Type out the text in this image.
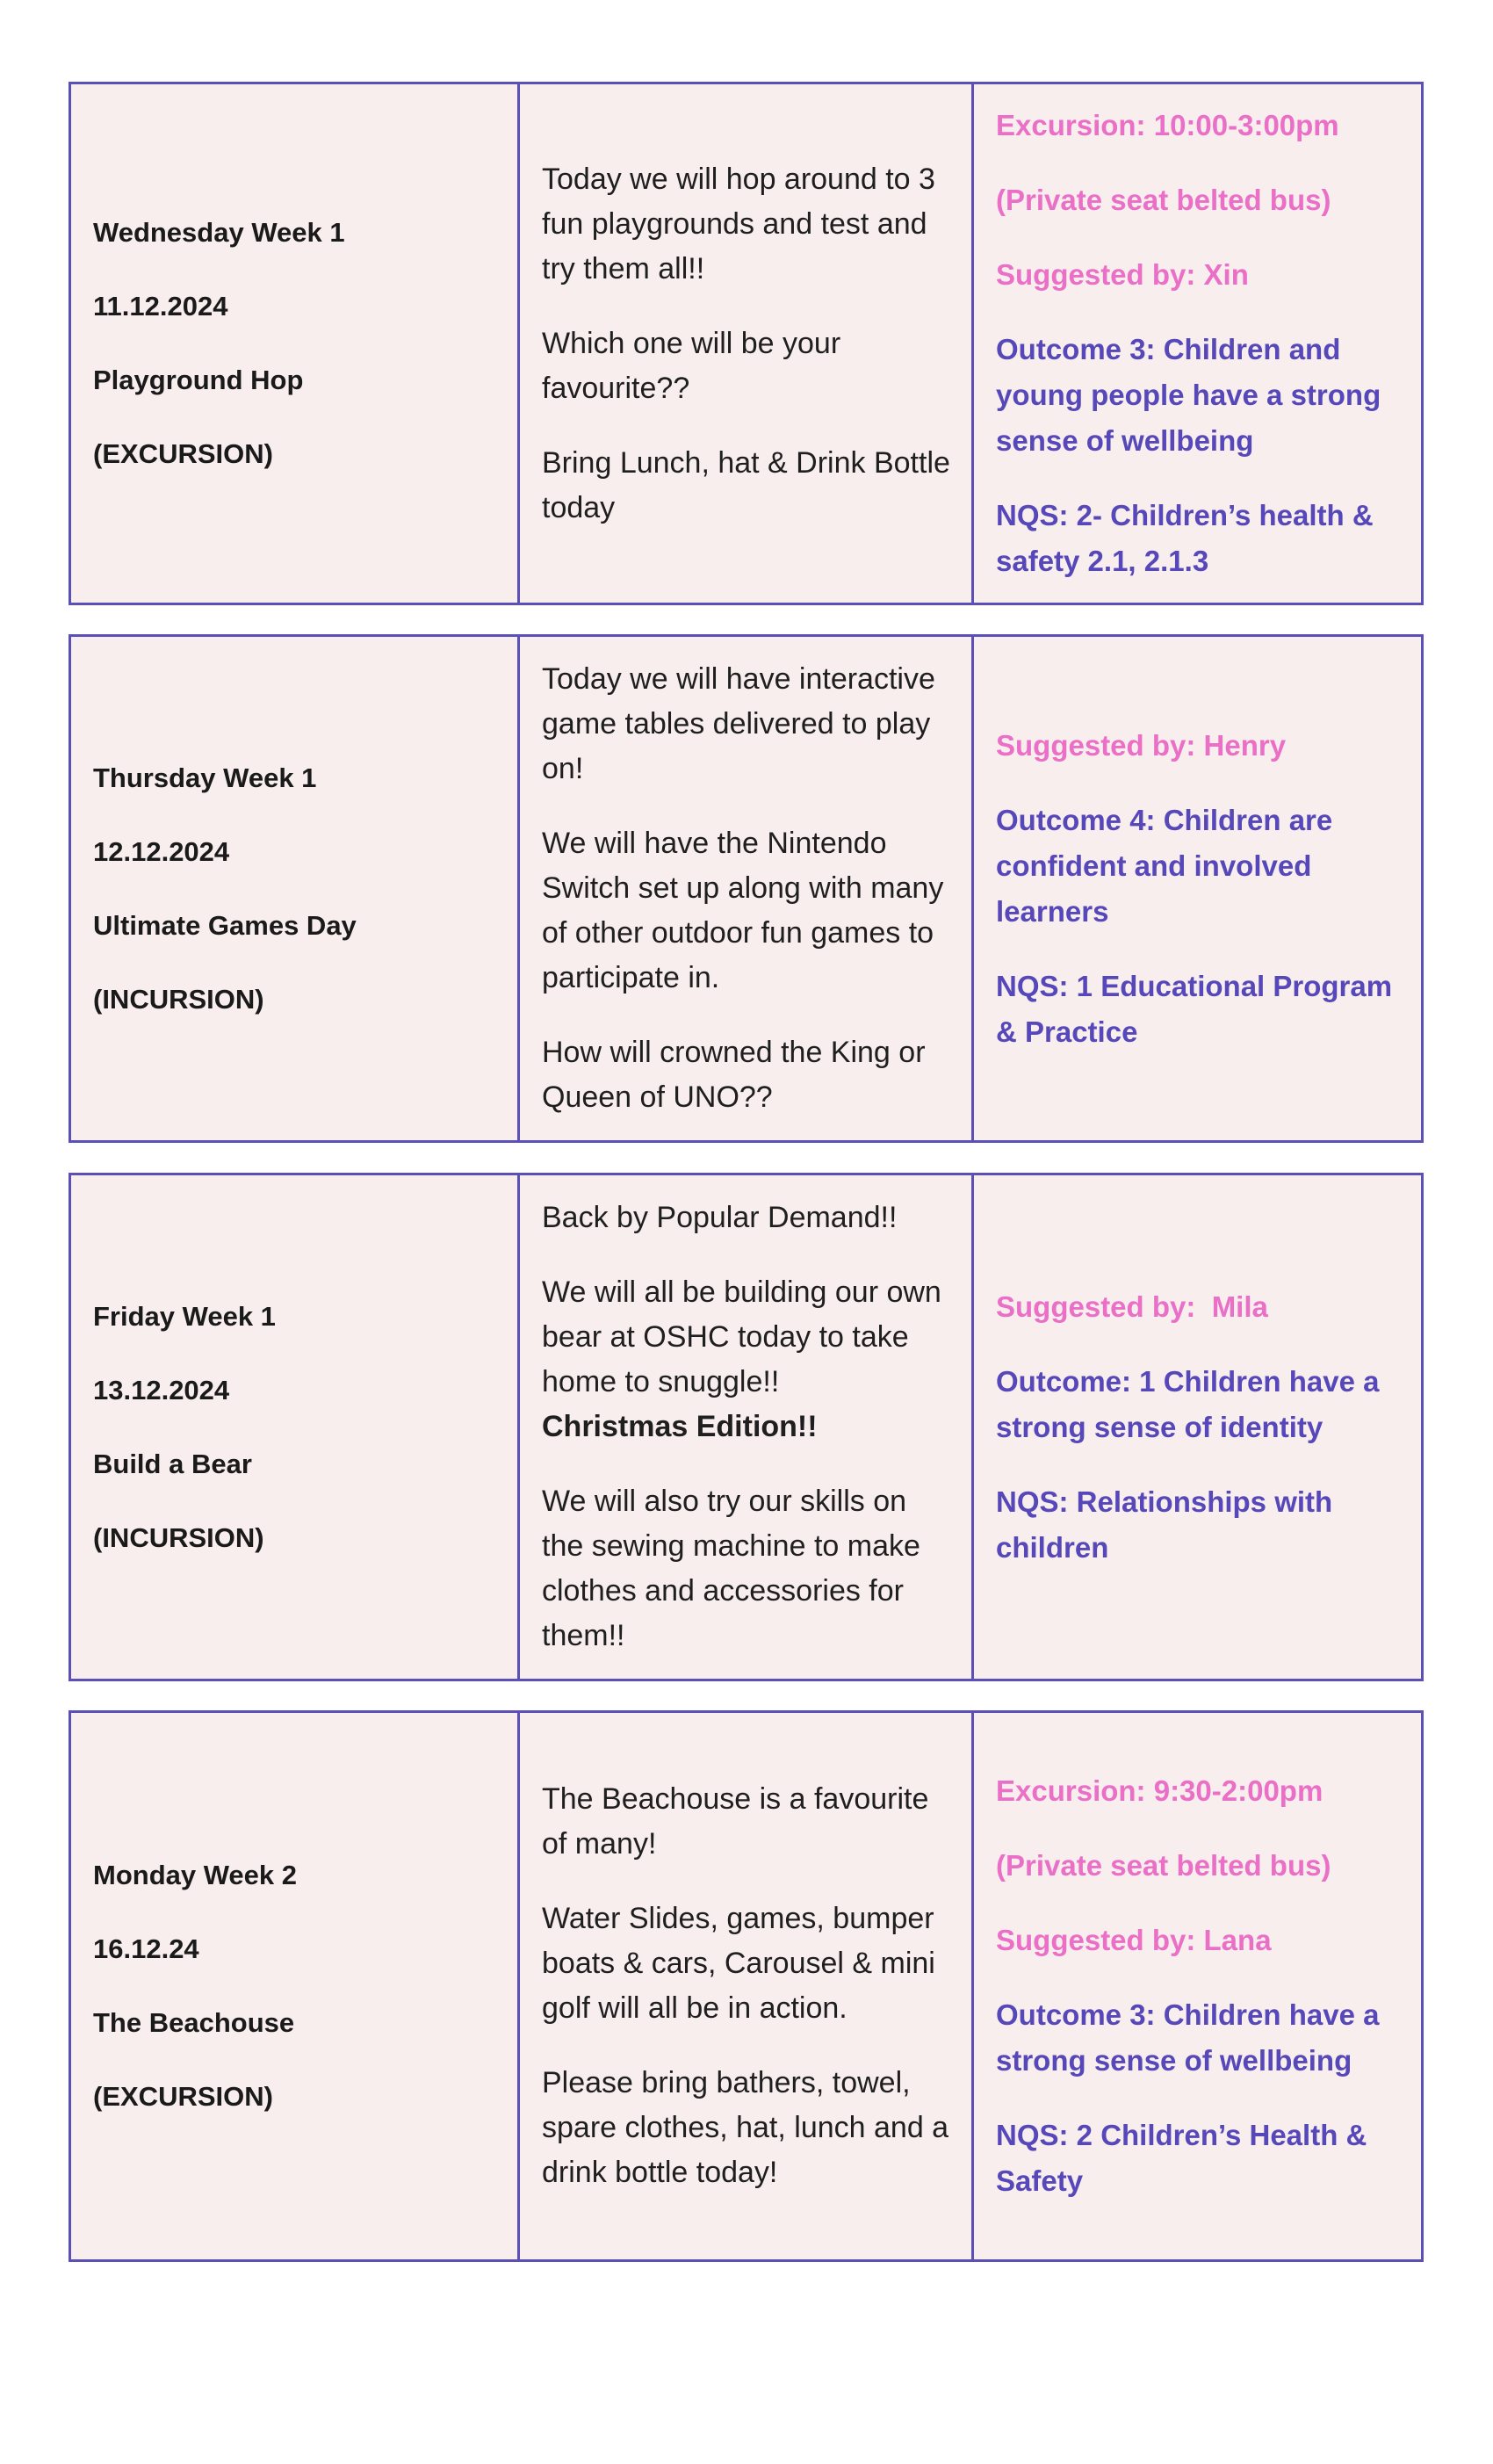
Wednesday Week 1

11.12.2024

Playground Hop

(EXCURSION)

Today we will hop around to 3 fun playgrounds and test and try them all!!

Which one will be your favourite??

Bring Lunch, hat & Drink Bottle today

Excursion: 10:00-3:00pm

(Private seat belted bus)

Suggested by: Xin

Outcome 3: Children and young people have a strong sense of wellbeing

NQS: 2- Children’s health & safety 2.1, 2.1.3

Thursday Week 1

12.12.2024

Ultimate Games Day

(INCURSION)

Today we will have interactive game tables delivered to play on!

We will have the Nintendo Switch set up along with many of other outdoor fun games to participate in.

How will crowned the King or Queen of UNO??

Suggested by: Henry

Outcome 4: Children are confident and involved learners

NQS: 1 Educational Program & Practice

Friday Week 1

13.12.2024

Build a Bear

(INCURSION)

Back by Popular Demand!!

We will all be building our own bear at OSHC today to take home to snuggle!!
Christmas Edition!!

We will also try our skills on the sewing machine to make clothes and accessories for them!!

Suggested by:  Mila

Outcome: 1 Children have a strong sense of identity

NQS: Relationships with children

Monday Week 2

16.12.24

The Beachouse

(EXCURSION)

The Beachouse is a favourite of many!

Water Slides, games, bumper boats & cars, Carousel & mini golf will all be in action.

Please bring bathers, towel, spare clothes, hat, lunch and a drink bottle today!

Excursion: 9:30-2:00pm

(Private seat belted bus)

Suggested by: Lana

Outcome 3: Children have a strong sense of wellbeing

NQS: 2 Children’s Health & Safety
